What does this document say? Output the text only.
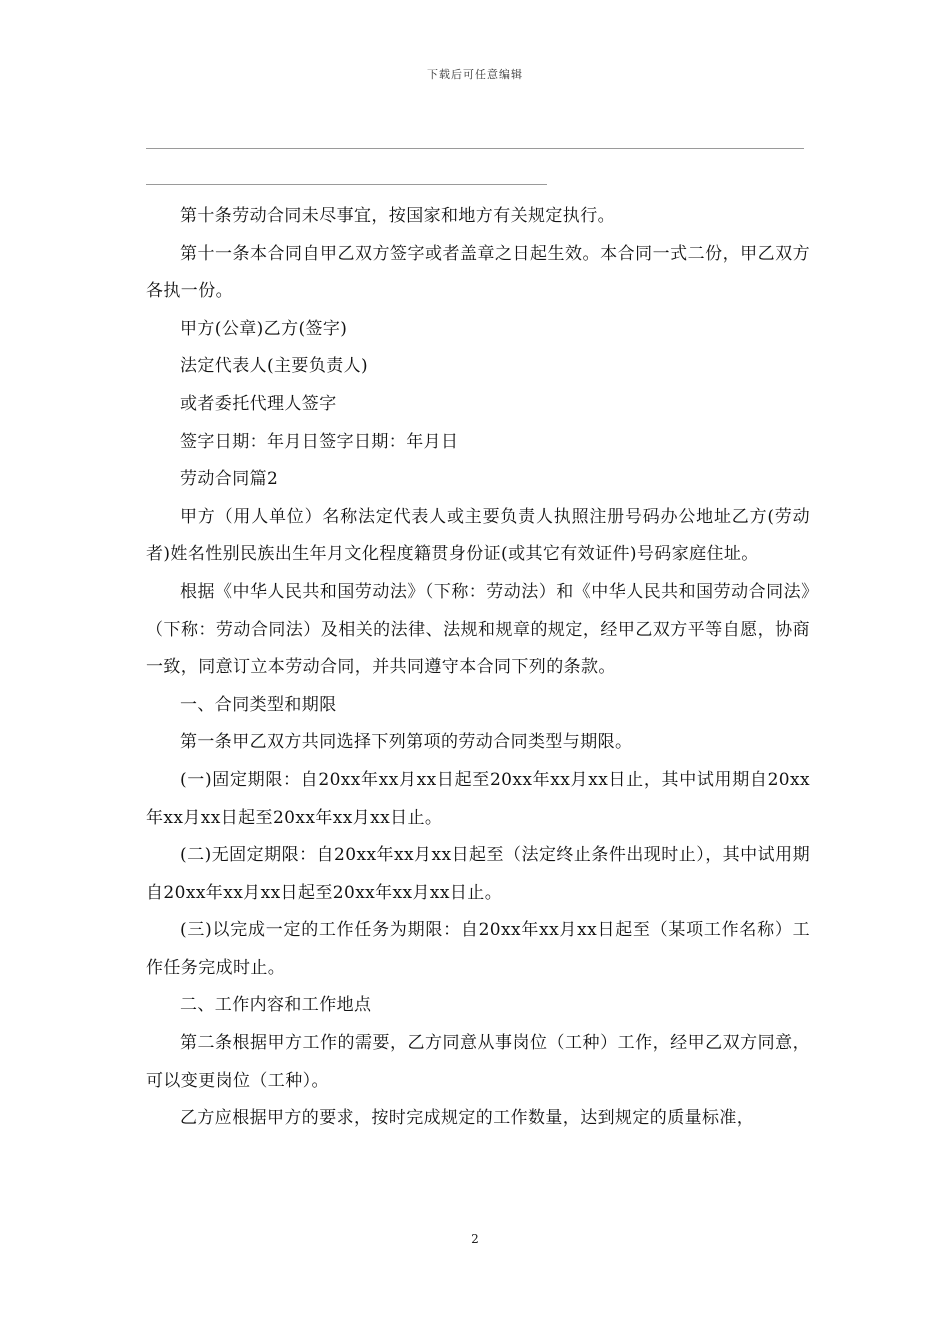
下载后可任意编辑

第十条劳动合同未尽事宜，按国家和地方有关规定执行。

第十一条本合同自甲乙双方签字或者盖章之日起生效。本合同一式二份，甲乙双方各执一份。

甲方(公章)乙方(签字)

法定代表人(主要负责人)

或者委托代理人签字

签字日期：年月日签字日期：年月日

劳动合同篇2

甲方（用人单位）名称法定代表人或主要负责人执照注册号码办公地址乙方(劳动者)姓名性别民族出生年月文化程度籍贯身份证(或其它有效证件)号码家庭住址。

根据《中华人民共和国劳动法》（下称：劳动法）和《中华人民共和国劳动合同法》（下称：劳动合同法）及相关的法律、法规和规章的规定，经甲乙双方平等自愿，协商一致，同意订立本劳动合同，并共同遵守本合同下列的条款。

一、合同类型和期限

第一条甲乙双方共同选择下列第项的劳动合同类型与期限。

(一)固定期限：自20xx年xx月xx日起至20xx年xx月xx日止，其中试用期自20xx年xx月xx日起至20xx年xx月xx日止。

(二)无固定期限：自20xx年xx月xx日起至（法定终止条件出现时止），其中试用期自20xx年xx月xx日起至20xx年xx月xx日止。

(三)以完成一定的工作任务为期限：自20xx年xx月xx日起至（某项工作名称）工作任务完成时止。

二、工作内容和工作地点

第二条根据甲方工作的需要，乙方同意从事岗位（工种）工作，经甲乙双方同意，可以变更岗位（工种）。

乙方应根据甲方的要求，按时完成规定的工作数量，达到规定的质量标准，

2
